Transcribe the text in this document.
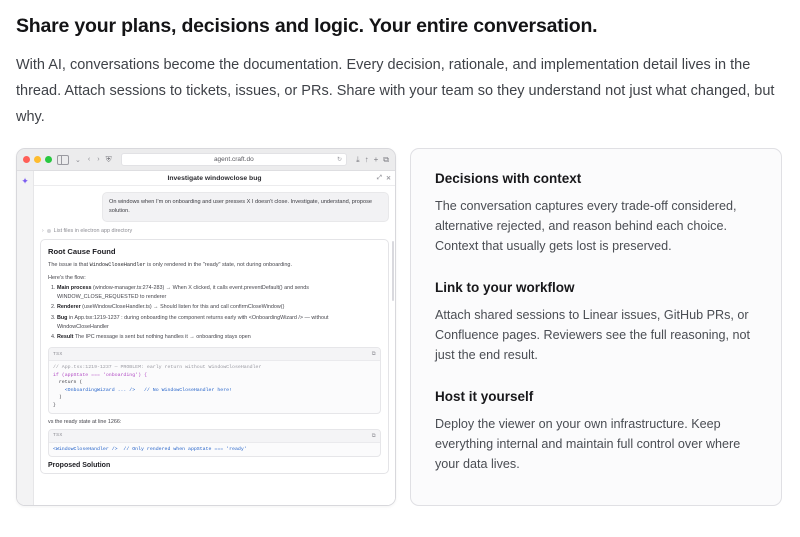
Share your plans, decisions and logic. Your entire conversation.

With AI, conversations become the documentation. Every decision, rationale, and implementation detail lives in the thread. Attach sessions to tickets, issues, or PRs. Share with your team so they understand not just what changed, but why.

⌄ ‹ › ⛨	agent.craft.do	↻ ⤓ ↑ + ⧉
✦	Investigate windowclose bug	⤢ ✕
On windows when I'm on onboarding and user presses X I doesn't close. Investigate, understand, propose solution.
› List files in electron app directory
Root Cause Found

The issue is that WindowCloseHandler is only rendered in the "ready" state, not during onboarding.

Here's the flow:
1. Main process (window-manager.ts:274-283) → When X clicked, it calls event.preventDefault() and sends WINDOW_CLOSE_REQUESTED to renderer
2. Renderer (useWindowCloseHandler.ts) → Should listen for this and call confirmCloseWindow()
3. Bug in App.tsx:1219-1237 : during onboarding the component returns early with <OnboardingWizard /> — without WindowCloseHandler
4. Result The IPC message is sent but nothing handles it → onboarding stays open
TSX	⧉
// App.tsx:1219-1237 — PROBLEM: early return without WindowCloseHandler
if (appState === 'onboarding') {
return (
<OnboardingWizard ... />   // No WindowCloseHandler here!
)
}

vs the ready state at line 1266:

TSX	⧉
<WindowCloseHandler />  // Only rendered when appState === 'ready'
Proposed Solution
Decisions with context

The conversation captures every trade-off considered, alternative rejected, and reason behind each choice. Context that usually gets lost is preserved.

Link to your workflow

Attach shared sessions to Linear issues, GitHub PRs, or Confluence pages. Reviewers see the full reasoning, not just the end result.

Host it yourself

Deploy the viewer on your own infrastructure. Keep everything internal and maintain full control over where your data lives.
